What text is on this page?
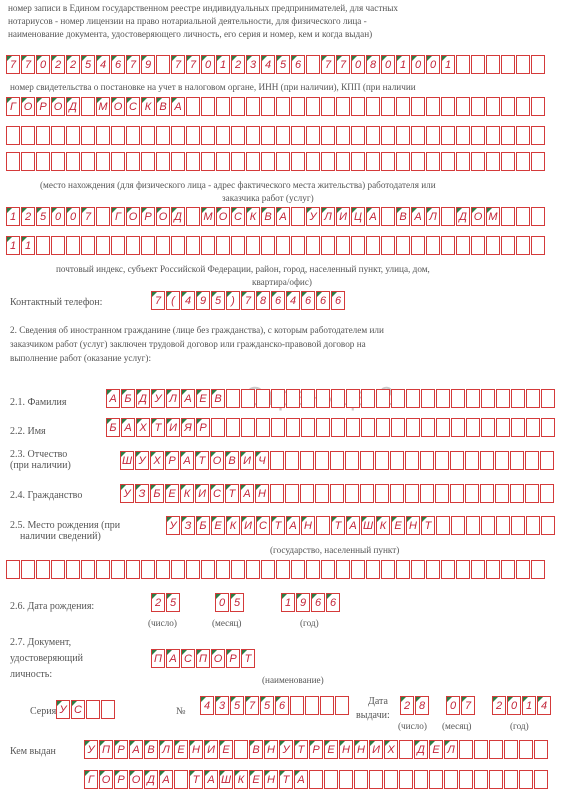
номер записи в Едином государственном реестре индивидуальных предпринимателей, для частных
нотариусов - номер лицензии на право нотариальной деятельности, для физического лица -
наименование документа, удостоверяющего личность, его серия и номер, кем и когда выдан)
7 7 0 2 2 5 4 6 7 9	7 7 0 1 2 3 4 5 6	7 7 0 8 0 1 0 0 1
номер свидетельства о постановке на учет в налоговом органе, ИНН (при наличии), КПП (при наличии
Г О Р О Д М О С К В А
(место нахождения (для физического лица - адрес фактического места жительства) работодателя или
заказчика работ (услуг)
1 2 5 0 0 7	Г О Р О Д М О С К В А	У Л И Ц А	В А Л Д О М
1 1
почтовый индекс, субъект Российской Федерации, район, город, населенный пункт, улица, дом,
квартира/офис)
Контактный телефон:	7 ( 4 9 5 ) 7 8 6 4 6 6 6
2. Сведения об иностранном гражданине (лице без гражданства), с которым работодателем или
заказчиком работ (услуг) заключен трудовой договор или гражданско-правовой договор на
выполнение работ (оказание услуг):
2.1. Фамилия	А Б Д У Л А Е В
2.2. Имя	Б А Х Т И Я Р
2.3. Отчество
(при наличии)	Ш У Х Р А Т О В И Ч
2.4. Гражданство	У З Б Е К И С Т А Н
2.5. Место рождения (при
наличии сведений)
У З Б Е К И С Т А Н	Т А Ш К Е Н Т
(государство, населенный пункт)
2.6. Дата рождения:	2 5	0 5	1 9 6 6
(число)	(месяц)	(год)
2.7. Документ,
удостоверяющий
личность:
П А С П О Р Т
(наименование)
Серия У С	№	4 3 5 7 5 6	Дата
выдачи:
2 8	0 7	2 0 1 4
(число) (месяц)	(год)
Кем выдан	У П Р А В Л Е Н И Е	В Н У Т Р Е Н Н И Х	Д Е Л
Г О Р О Д А	Т А Ш К Е Н Т А
